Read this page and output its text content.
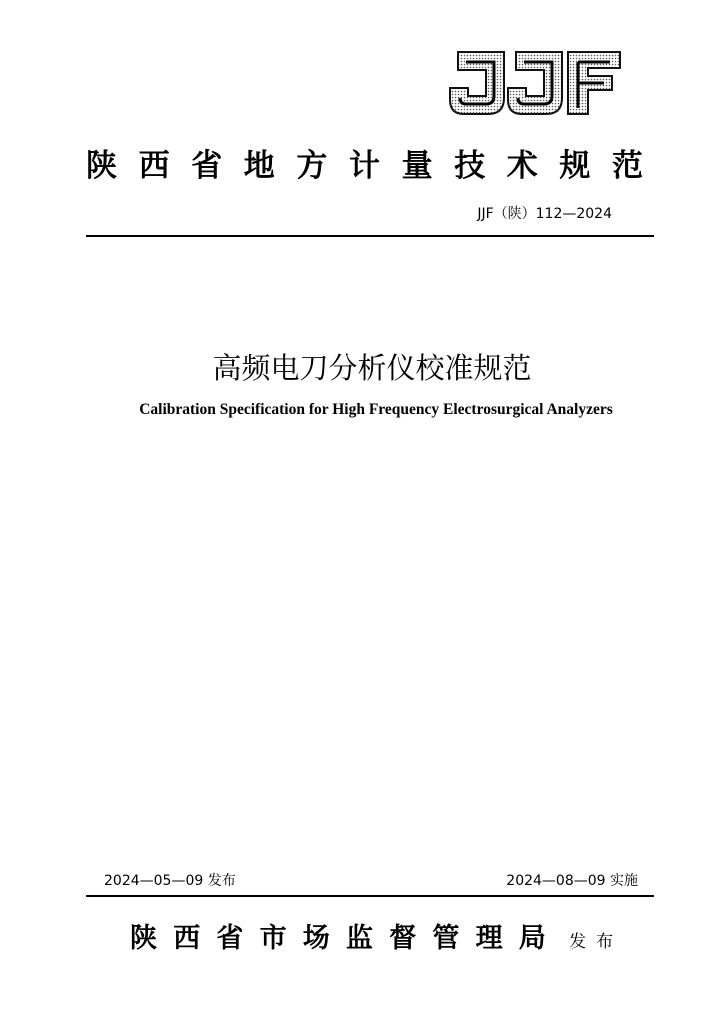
陕西省地方计量技术规范
JJF（陕）112—2024
高频电刀分析仪校准规范
Calibration Specification for High Frequency Electrosurgical Analyzers
2024—05—09 发布	2024—08—09 实施
陕西省市场监督管理局 发布
